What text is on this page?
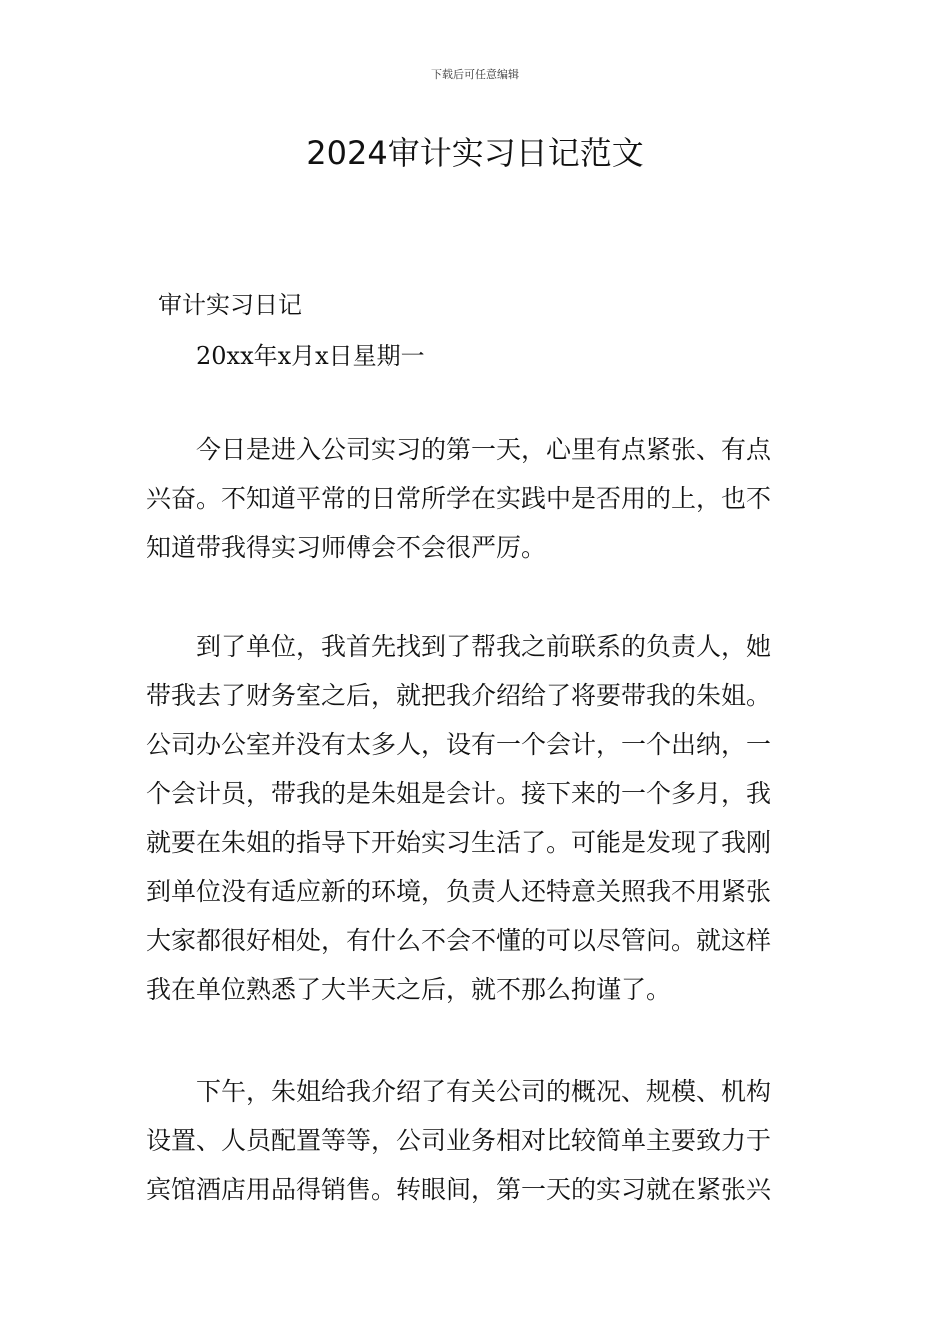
下载后可任意编辑
2024审计实习日记范文
审计实习日记
20xx年x月x日星期一
今日是进入公司实习的第一天，心里有点紧张、有点
兴奋。不知道平常的日常所学在实践中是否用的上，也不
知道带我得实习师傅会不会很严厉。
到了单位，我首先找到了帮我之前联系的负责人，她
带我去了财务室之后，就把我介绍给了将要带我的朱姐。
公司办公室并没有太多人，设有一个会计，一个出纳，一
个会计员，带我的是朱姐是会计。接下来的一个多月，我
就要在朱姐的指导下开始实习生活了。可能是发现了我刚
到单位没有适应新的环境，负责人还特意关照我不用紧张
大家都很好相处，有什么不会不懂的可以尽管问。就这样
我在单位熟悉了大半天之后，就不那么拘谨了。
下午，朱姐给我介绍了有关公司的概况、规模、机构
设置、人员配置等等，公司业务相对比较简单主要致力于
宾馆酒店用品得销售。转眼间，第一天的实习就在紧张兴
